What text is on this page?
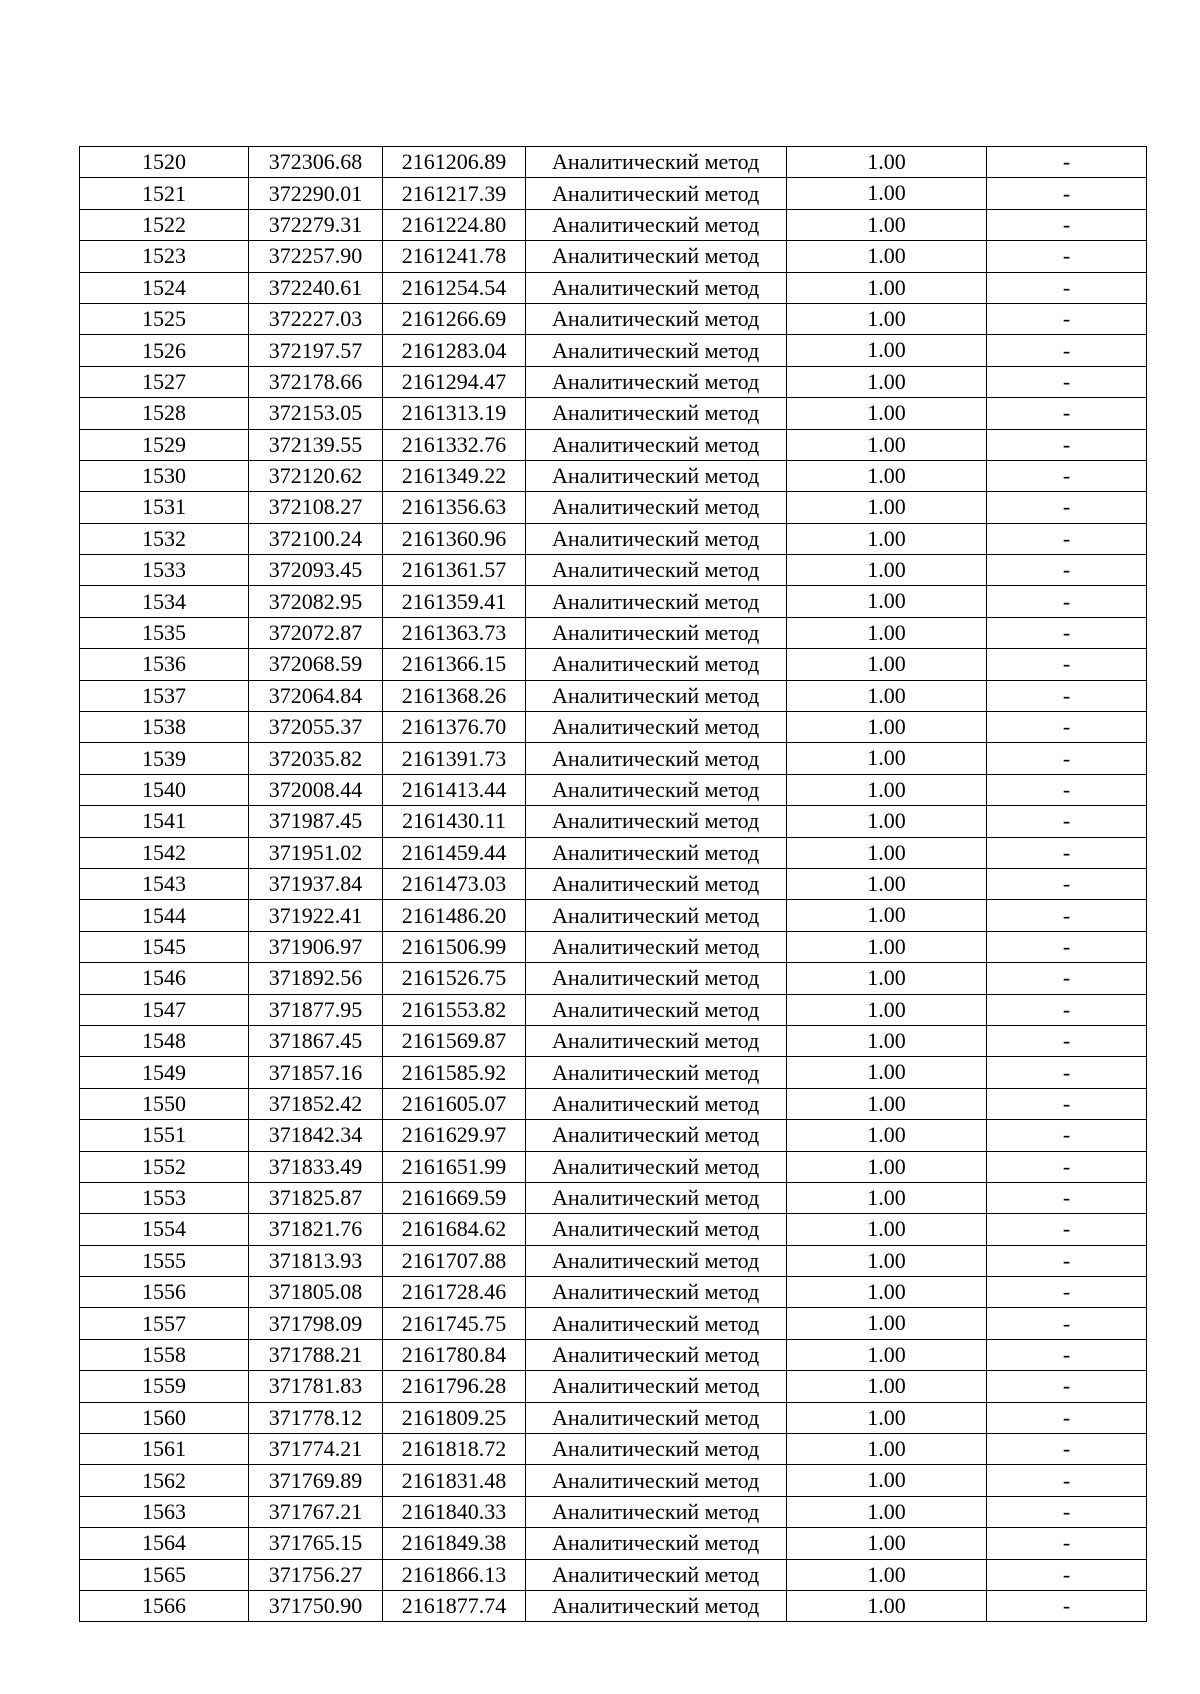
1520	372306.68	2161206.89	Аналитический метод	1.00	-
1521	372290.01	2161217.39	Аналитический метод	1.00	-
1522	372279.31	2161224.80	Аналитический метод	1.00	-
1523	372257.90	2161241.78	Аналитический метод	1.00	-
1524	372240.61	2161254.54	Аналитический метод	1.00	-
1525	372227.03	2161266.69	Аналитический метод	1.00	-
1526	372197.57	2161283.04	Аналитический метод	1.00	-
1527	372178.66	2161294.47	Аналитический метод	1.00	-
1528	372153.05	2161313.19	Аналитический метод	1.00	-
1529	372139.55	2161332.76	Аналитический метод	1.00	-
1530	372120.62	2161349.22	Аналитический метод	1.00	-
1531	372108.27	2161356.63	Аналитический метод	1.00	-
1532	372100.24	2161360.96	Аналитический метод	1.00	-
1533	372093.45	2161361.57	Аналитический метод	1.00	-
1534	372082.95	2161359.41	Аналитический метод	1.00	-
1535	372072.87	2161363.73	Аналитический метод	1.00	-
1536	372068.59	2161366.15	Аналитический метод	1.00	-
1537	372064.84	2161368.26	Аналитический метод	1.00	-
1538	372055.37	2161376.70	Аналитический метод	1.00	-
1539	372035.82	2161391.73	Аналитический метод	1.00	-
1540	372008.44	2161413.44	Аналитический метод	1.00	-
1541	371987.45	2161430.11	Аналитический метод	1.00	-
1542	371951.02	2161459.44	Аналитический метод	1.00	-
1543	371937.84	2161473.03	Аналитический метод	1.00	-
1544	371922.41	2161486.20	Аналитический метод	1.00	-
1545	371906.97	2161506.99	Аналитический метод	1.00	-
1546	371892.56	2161526.75	Аналитический метод	1.00	-
1547	371877.95	2161553.82	Аналитический метод	1.00	-
1548	371867.45	2161569.87	Аналитический метод	1.00	-
1549	371857.16	2161585.92	Аналитический метод	1.00	-
1550	371852.42	2161605.07	Аналитический метод	1.00	-
1551	371842.34	2161629.97	Аналитический метод	1.00	-
1552	371833.49	2161651.99	Аналитический метод	1.00	-
1553	371825.87	2161669.59	Аналитический метод	1.00	-
1554	371821.76	2161684.62	Аналитический метод	1.00	-
1555	371813.93	2161707.88	Аналитический метод	1.00	-
1556	371805.08	2161728.46	Аналитический метод	1.00	-
1557	371798.09	2161745.75	Аналитический метод	1.00	-
1558	371788.21	2161780.84	Аналитический метод	1.00	-
1559	371781.83	2161796.28	Аналитический метод	1.00	-
1560	371778.12	2161809.25	Аналитический метод	1.00	-
1561	371774.21	2161818.72	Аналитический метод	1.00	-
1562	371769.89	2161831.48	Аналитический метод	1.00	-
1563	371767.21	2161840.33	Аналитический метод	1.00	-
1564	371765.15	2161849.38	Аналитический метод	1.00	-
1565	371756.27	2161866.13	Аналитический метод	1.00	-
1566	371750.90	2161877.74	Аналитический метод	1.00	-
